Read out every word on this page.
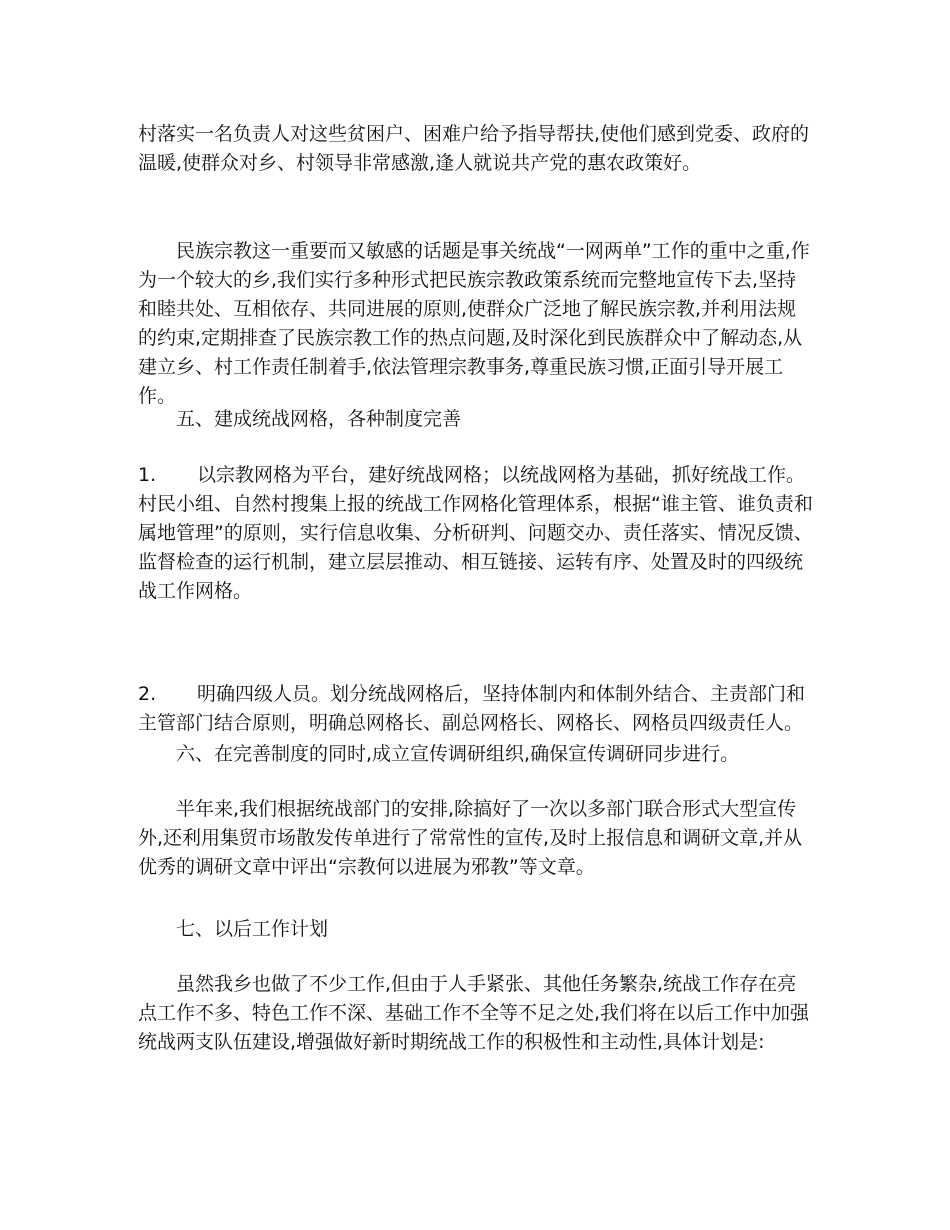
村落实一名负责人对这些贫困户、困难户给予指导帮扶,使他们感到党委、政府的温暖,使群众对乡、村领导非常感激,逢人就说共产党的惠农政策好。

民族宗教这一重要而又敏感的话题是事关统战“一网两单”工作的重中之重,作为一个较大的乡,我们实行多种形式把民族宗教政策系统而完整地宣传下去,坚持和睦共处、互相依存、共同进展的原则,使群众广泛地了解民族宗教,并利用法规的约束,定期排查了民族宗教工作的热点问题,及时深化到民族群众中了解动态,从建立乡、村工作责任制着手,依法管理宗教事务,尊重民族习惯,正面引导开展工作。

五、建成统战网格，各种制度完善

1. 以宗教网格为平台，建好统战网格；以统战网格为基础，抓好统战工作。村民小组、自然村搜集上报的统战工作网格化管理体系，根据“谁主管、谁负责和属地管理”的原则，实行信息收集、分析研判、问题交办、责任落实、情况反馈、监督检查的运行机制，建立层层推动、相互链接、运转有序、处置及时的四级统战工作网格。
2. 明确四级人员。划分统战网格后，坚持体制内和体制外结合、主责部门和主管部门结合原则，明确总网格长、副总网格长、网格长、网格员四级责任人。

六、在完善制度的同时,成立宣传调研组织,确保宣传调研同步进行。

半年来,我们根据统战部门的安排,除搞好了一次以多部门联合形式大型宣传外,还利用集贸市场散发传单进行了常常性的宣传,及时上报信息和调研文章,并从优秀的调研文章中评出“宗教何以进展为邪教”等文章。

七、以后工作计划

虽然我乡也做了不少工作,但由于人手紧张、其他任务繁杂,统战工作存在亮点工作不多、特色工作不深、基础工作不全等不足之处,我们将在以后工作中加强统战两支队伍建设,增强做好新时期统战工作的积极性和主动性,具体计划是:
